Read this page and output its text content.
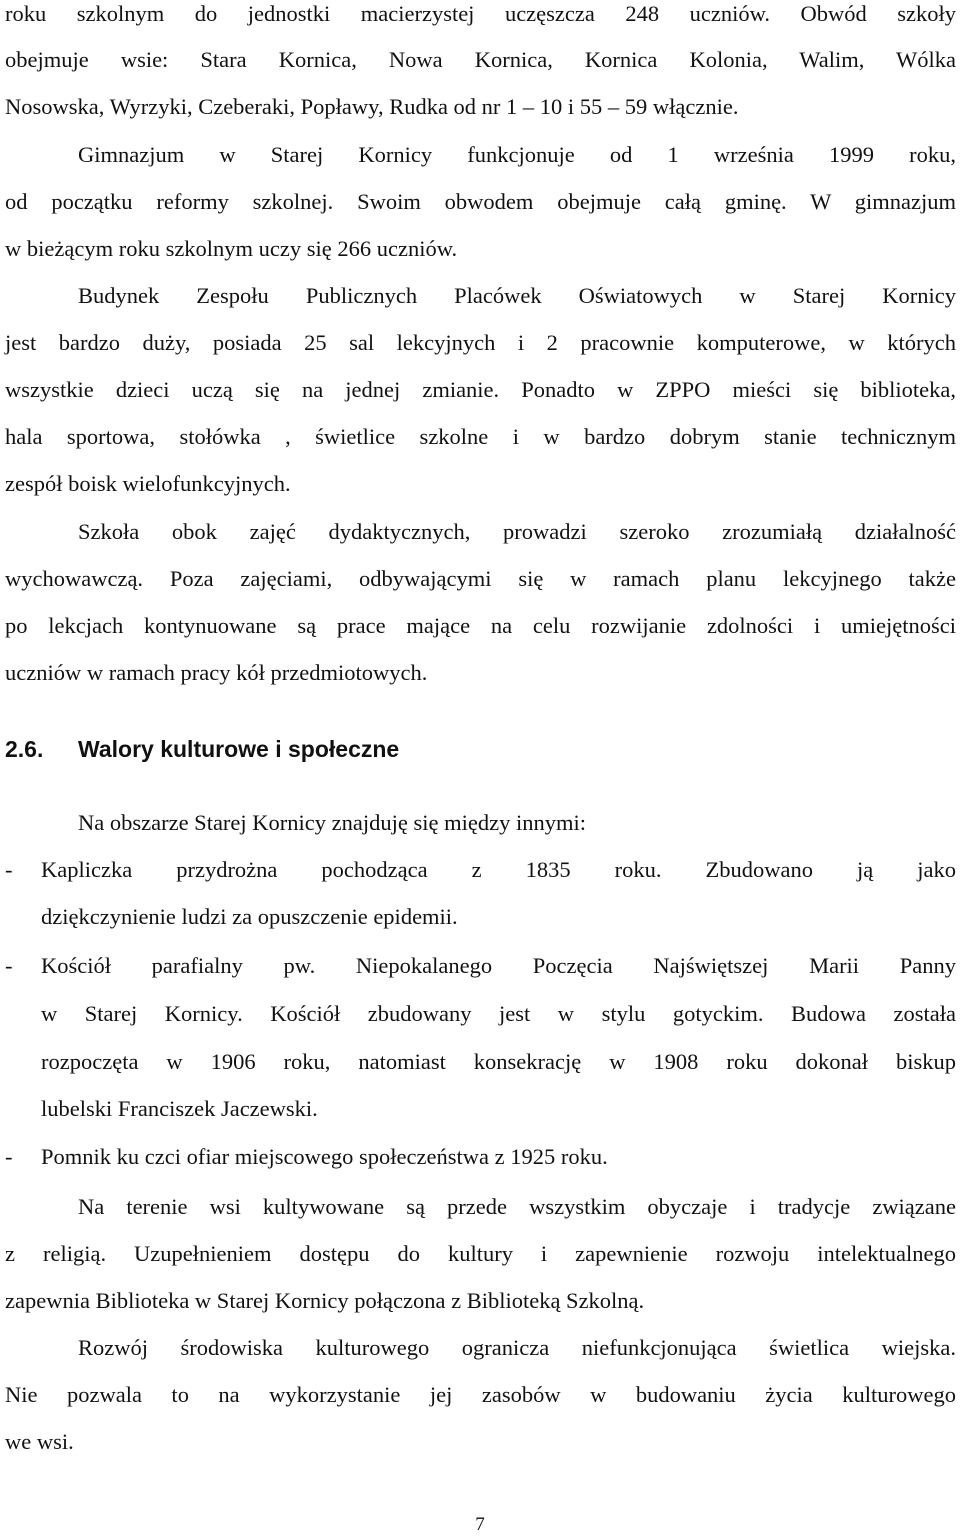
roku szkolnym do jednostki macierzystej uczęszcza 248 uczniów. Obwód szkoły
obejmuje wsie: Stara Kornica, Nowa Kornica, Kornica Kolonia, Walim, Wólka
Nosowska, Wyrzyki, Czeberaki, Popławy, Rudka od nr 1 – 10 i 55 – 59 włącznie.
Gimnazjum w Starej Kornicy funkcjonuje od 1 września 1999 roku,
od początku reformy szkolnej. Swoim obwodem obejmuje całą gminę. W gimnazjum
w bieżącym roku szkolnym uczy się 266 uczniów.
Budynek Zespołu Publicznych Placówek Oświatowych w Starej Kornicy
jest bardzo duży, posiada 25 sal lekcyjnych i 2 pracownie komputerowe, w których
wszystkie dzieci uczą się na jednej zmianie. Ponadto w ZPPO mieści się biblioteka,
hala sportowa, stołówka , świetlice szkolne i w bardzo dobrym stanie technicznym
zespół boisk wielofunkcyjnych.
Szkoła obok zajęć dydaktycznych, prowadzi szeroko zrozumiałą działalność
wychowawczą. Poza zajęciami, odbywającymi się w ramach planu lekcyjnego także
po lekcjach kontynuowane są prace mające na celu rozwijanie zdolności i umiejętności
uczniów w ramach pracy kół przedmiotowych.
2.6. Walory kulturowe i społeczne
Na obszarze Starej Kornicy znajduję się między innymi:
- Kapliczka przydrożna pochodząca z 1835 roku. Zbudowano ją jako
dziękczynienie ludzi za opuszczenie epidemii.
- Kościół parafialny pw. Niepokalanego Poczęcia Najświętszej Marii Panny
w Starej Kornicy. Kościół zbudowany jest w stylu gotyckim. Budowa została
rozpoczęta w 1906 roku, natomiast konsekrację w 1908 roku dokonał biskup
lubelski Franciszek Jaczewski.
- Pomnik ku czci ofiar miejscowego społeczeństwa z 1925 roku.
Na terenie wsi kultywowane są przede wszystkim obyczaje i tradycje związane
z religią. Uzupełnieniem dostępu do kultury i zapewnienie rozwoju intelektualnego
zapewnia Biblioteka w Starej Kornicy połączona z Biblioteką Szkolną.
Rozwój środowiska kulturowego ogranicza niefunkcjonująca świetlica wiejska.
Nie pozwala to na wykorzystanie jej zasobów w budowaniu życia kulturowego
we wsi.
7
